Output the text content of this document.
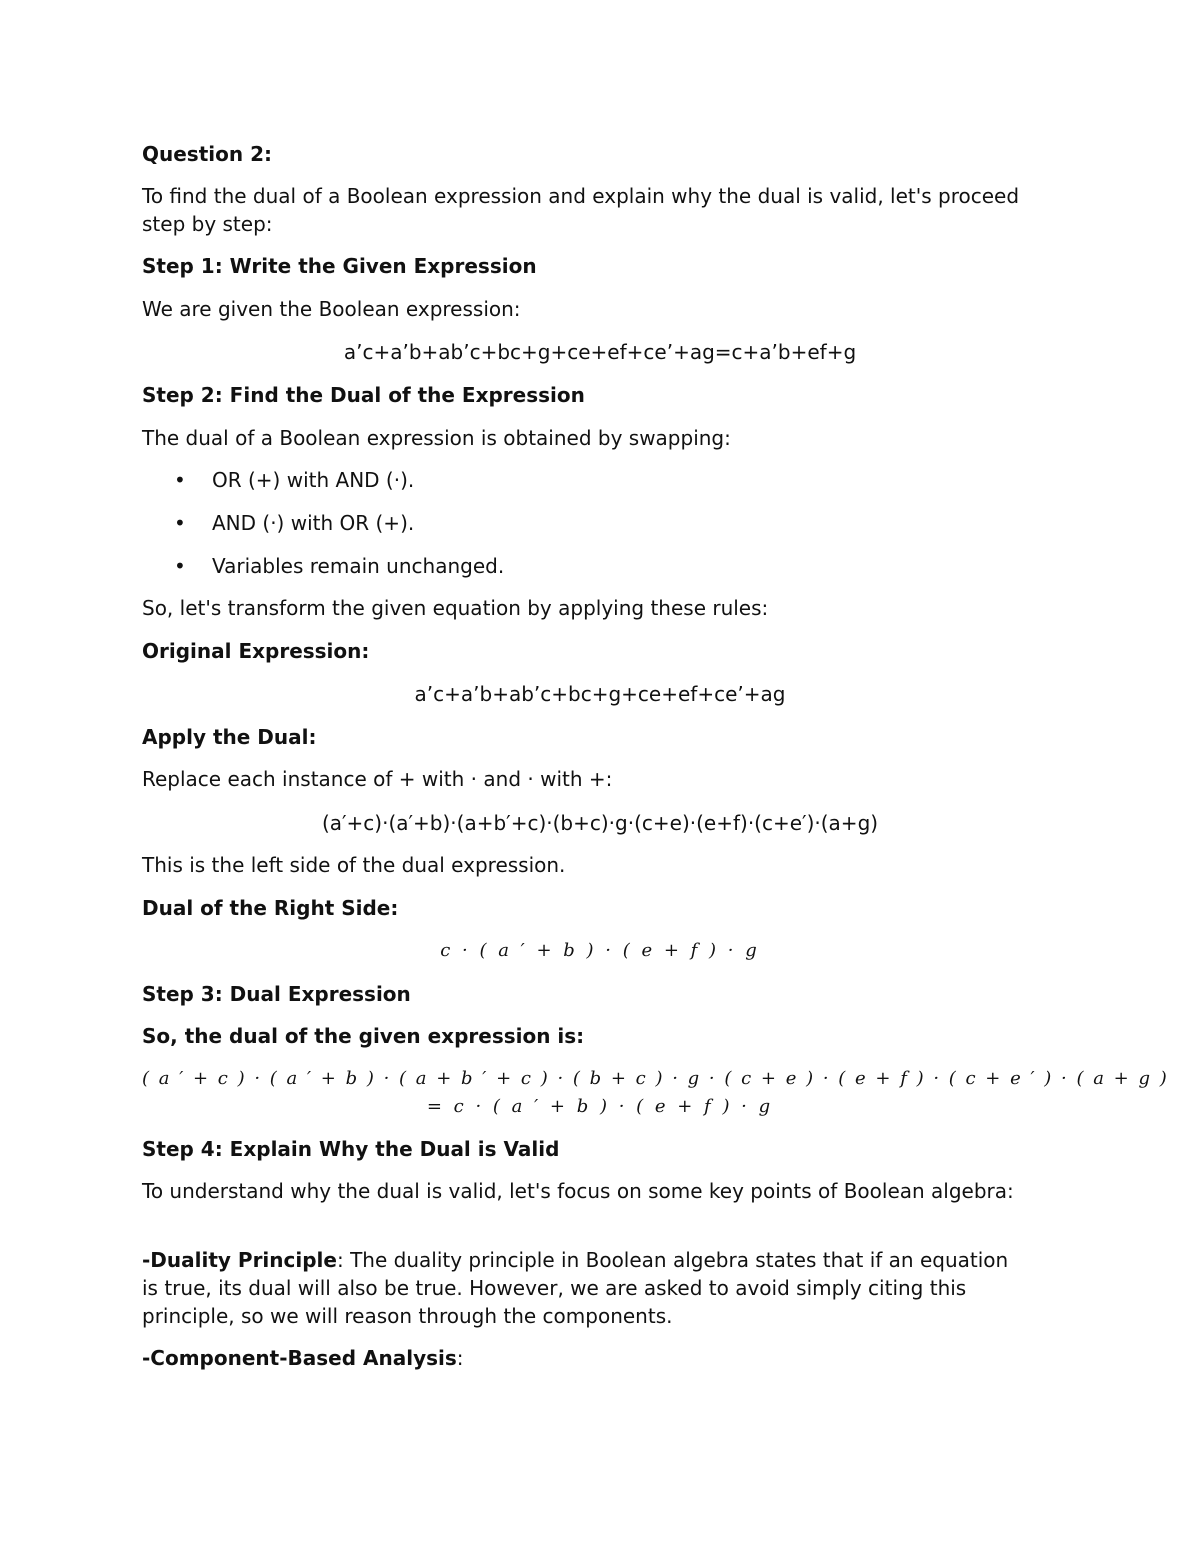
Question 2:
To find the dual of a Boolean expression and explain why the dual is valid, let's proceed step by step:
Step 1: Write the Given Expression
We are given the Boolean expression:
a’c+a’b+ab’c+bc+g+ce+ef+ce’+ag=c+a’b+ef+g
Step 2: Find the Dual of the Expression
The dual of a Boolean expression is obtained by swapping:
• OR (+) with AND (·).
• AND (·) with OR (+).
• Variables remain unchanged.
So, let's transform the given equation by applying these rules:
Original Expression:
a’c+a’b+ab’c+bc+g+ce+ef+ce’+ag
Apply the Dual:
Replace each instance of + with · and · with +:
(a′+c)·(a′+b)·(a+b′+c)·(b+c)·g·(c+e)·(e+f)·(c+e′)·(a+g)
This is the left side of the dual expression.
Dual of the Right Side:
c · ( a ′ + b ) · ( e + f ) · g
Step 3: Dual Expression
So, the dual of the given expression is:
( a ′ + c ) · ( a ′ + b ) · ( a + b ′ + c ) · ( b + c ) · g · ( c + e ) · ( e + f ) · ( c + e ′ ) · ( a + g )
= c · ( a ′ + b ) · ( e + f ) · g
Step 4: Explain Why the Dual is Valid
To understand why the dual is valid, let's focus on some key points of Boolean algebra:
-Duality Principle: The duality principle in Boolean algebra states that if an equation is true, its dual will also be true. However, we are asked to avoid simply citing this principle, so we will reason through the components.
-Component-Based Analysis:
